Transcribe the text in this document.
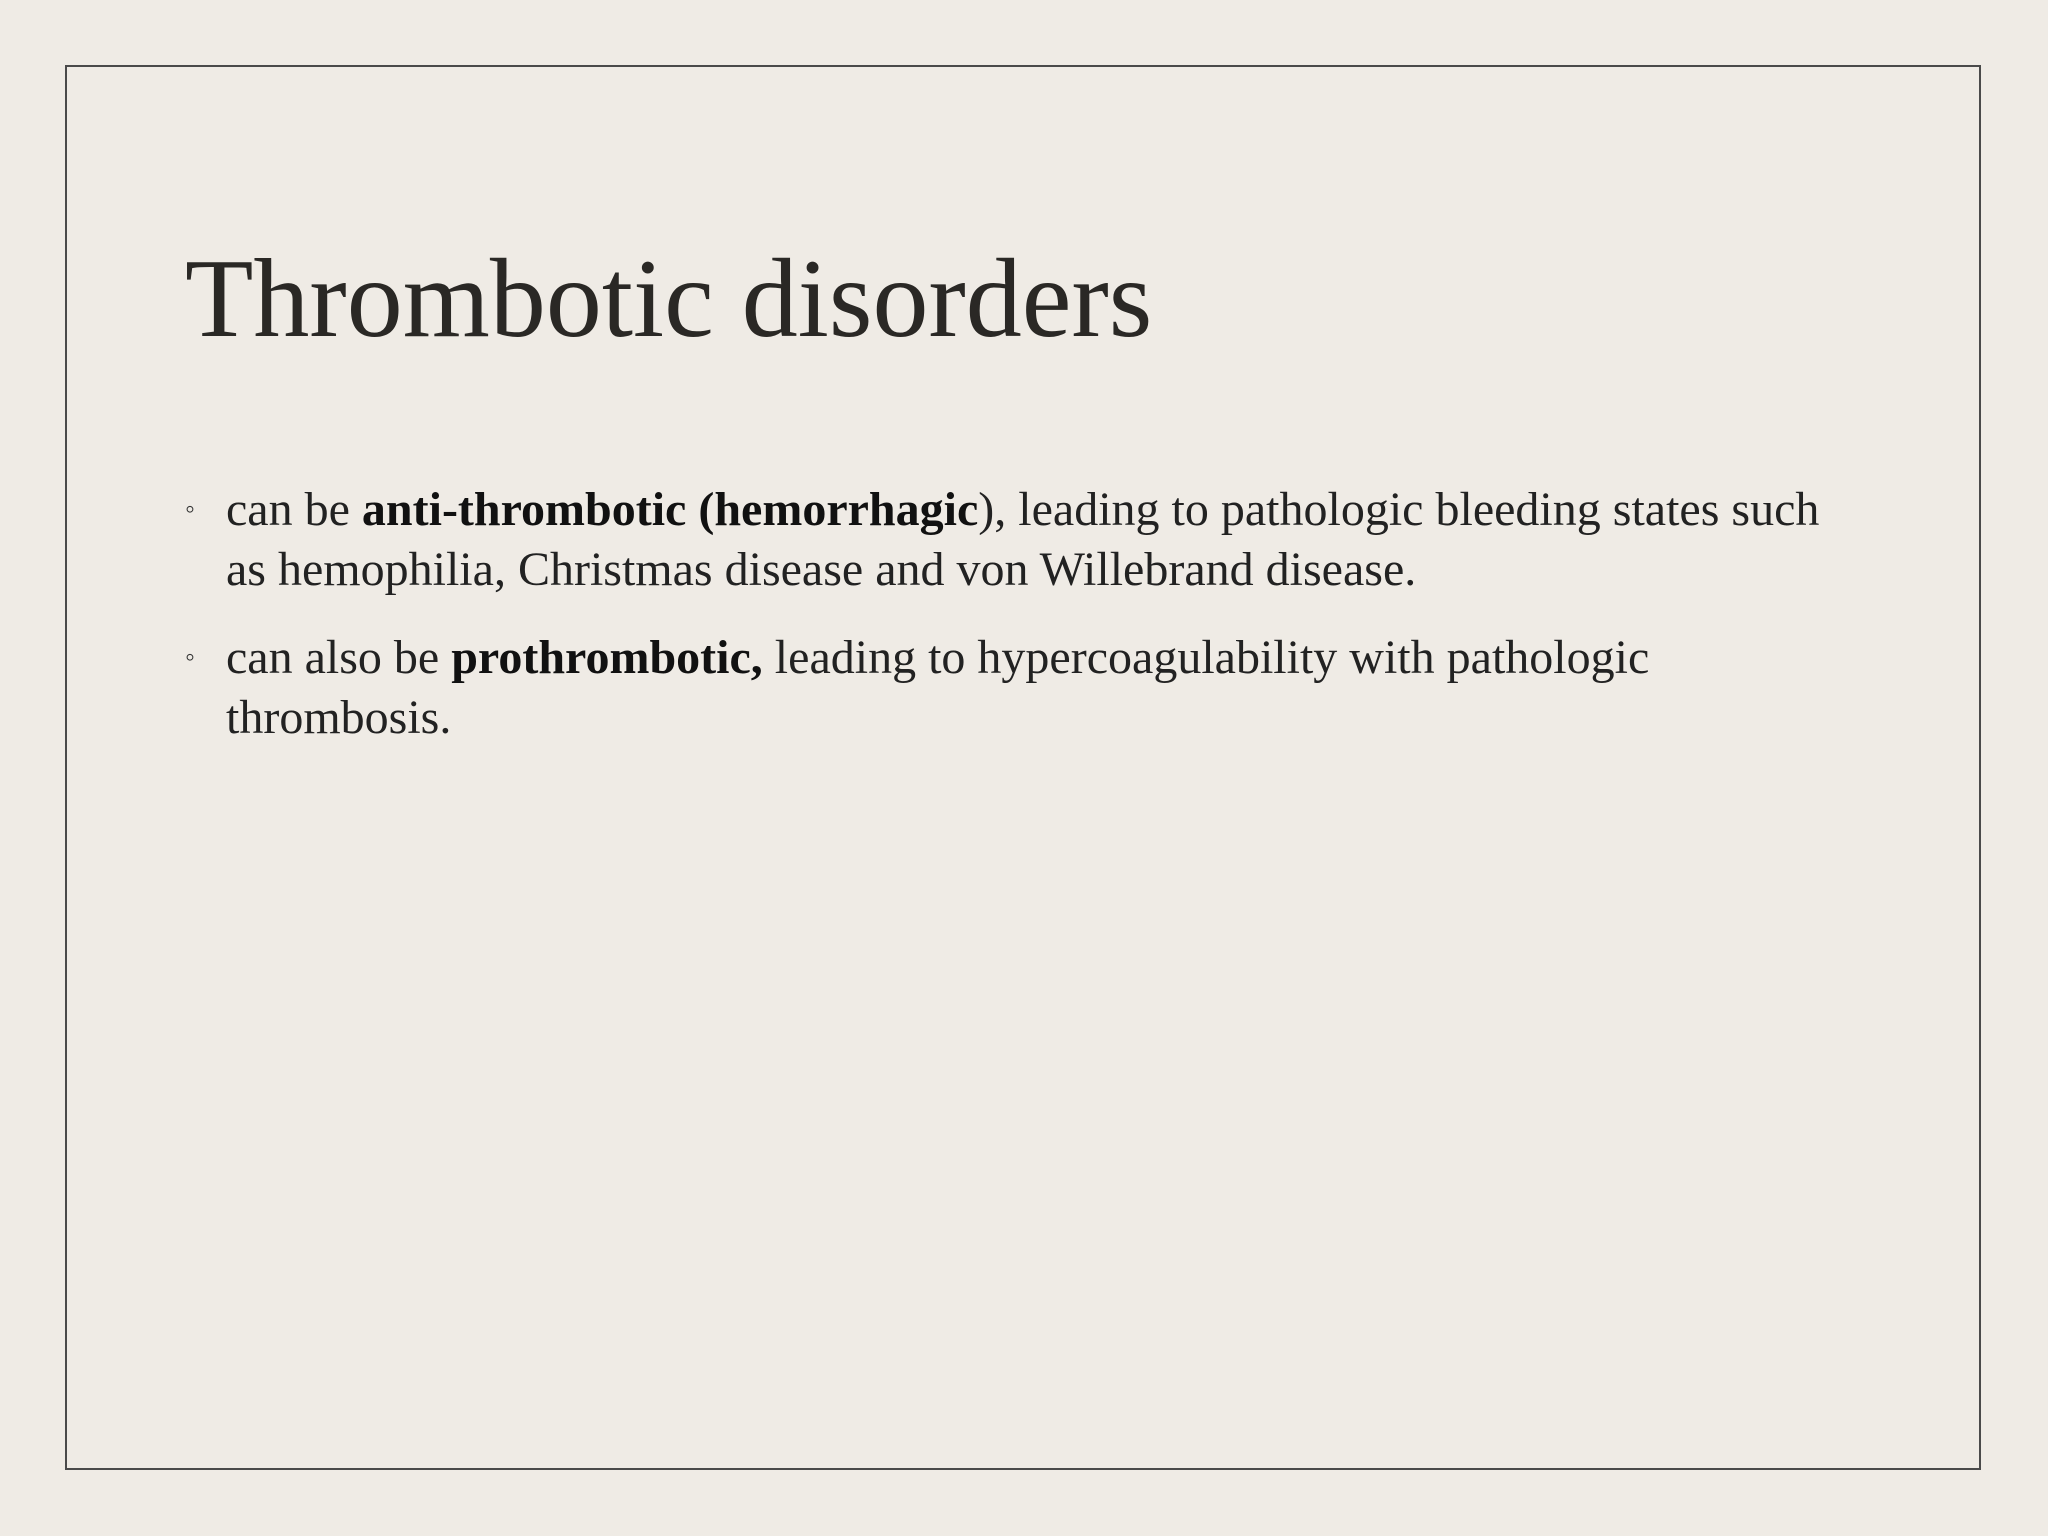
Thrombotic disorders
◦
can be anti-thrombotic (hemorrhagic), leading to pathologic bleeding states such as hemophilia, Christmas disease and von Willebrand disease.
◦
can also be prothrombotic, leading to hypercoagulability with pathologic thrombosis.
